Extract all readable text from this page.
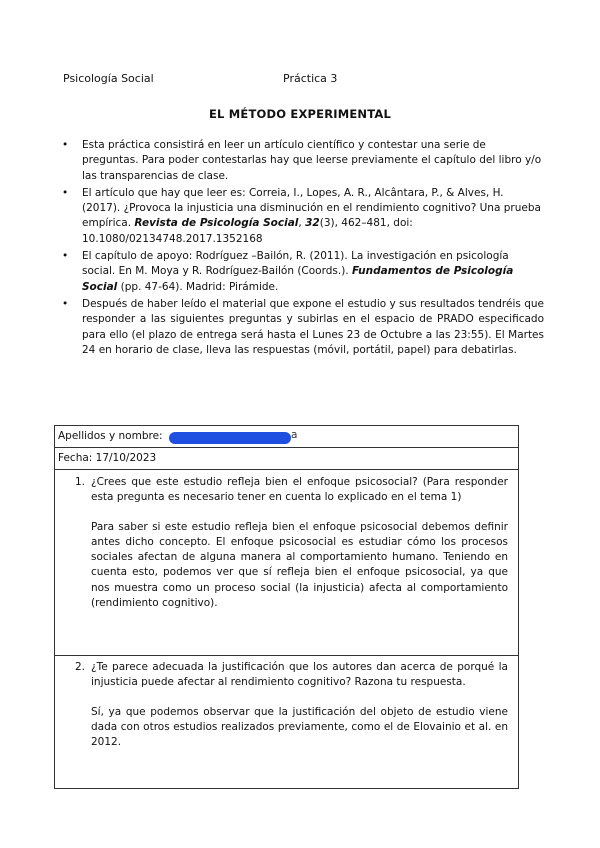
Psicología Social	Práctica 3
EL MÉTODO EXPERIMENTAL
• Esta práctica consistirá en leer un artículo científico y contestar una serie de preguntas. Para poder contestarlas hay que leerse previamente el capítulo del libro y/o las transparencias de clase.
• El artículo que hay que leer es: Correia, I., Lopes, A. R., Alcântara, P., & Alves, H. (2017). ¿Provoca la injusticia una disminución en el rendimiento cognitivo? Una prueba empírica. Revista de Psicología Social, 32(3), 462–481, doi: 10.1080/02134748.2017.1352168
• El capítulo de apoyo: Rodríguez –Bailón, R. (2011). La investigación en psicología social. En M. Moya y R. Rodríguez-Bailón (Coords.). Fundamentos de Psicología Social (pp. 47-64). Madrid: Pirámide.
• Después de haber leído el material que expone el estudio y sus resultados tendréis que responder a las siguientes preguntas y subirlas en el espacio de PRADO especificado para ello (el plazo de entrega será hasta el Lunes 23 de Octubre a las 23:55). El Martes 24 en horario de clase, lleva las respuestas (móvil, portátil, papel) para debatirlas.
Apellidos y nombre:	a
Fecha: 17/10/2023
1. ¿Crees que este estudio refleja bien el enfoque psicosocial? (Para responder esta pregunta es necesario tener en cuenta lo explicado en el tema 1)
Para saber si este estudio refleja bien el enfoque psicosocial debemos definir antes dicho concepto. El enfoque psicosocial es estudiar cómo los procesos sociales afectan de alguna manera al comportamiento humano. Teniendo en cuenta esto, podemos ver que sí refleja bien el enfoque psicosocial, ya que nos muestra como un proceso social (la injusticia) afecta al comportamiento (rendimiento cognitivo).
2. ¿Te parece adecuada la justificación que los autores dan acerca de porqué la injusticia puede afectar al rendimiento cognitivo? Razona tu respuesta.
Sí, ya que podemos observar que la justificación del objeto de estudio viene dada con otros estudios realizados previamente, como el de Elovainio et al. en 2012.
